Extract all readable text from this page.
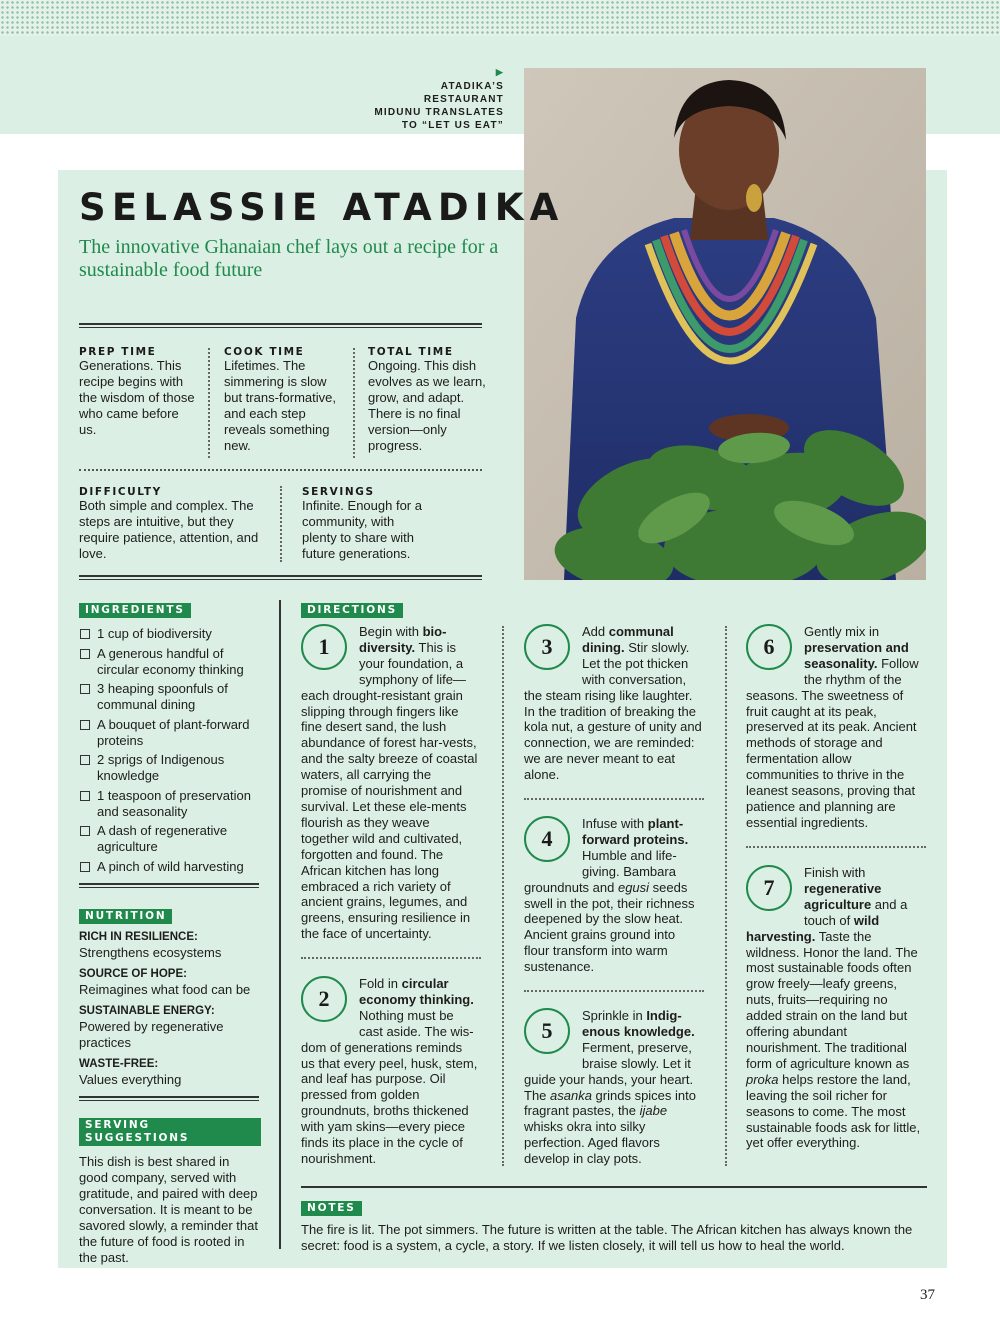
▶
ATADIKA’S
RESTAURANT
MIDUNU TRANSLATES
TO “LET US EAT”
SELASSIE ATADIKA
The innovative Ghanaian chef lays out a recipe for a sustainable food future
PREP TIME
Generations. This recipe begins with the wisdom of those who came before us.
COOK TIME
Lifetimes. The simmering is slow but trans-formative, and each step reveals something new.
TOTAL TIME
Ongoing. This dish evolves as we learn, grow, and adapt. There is no final version—only progress.
DIFFICULTY
Both simple and complex. The steps are intuitive, but they require patience, attention, and love.
SERVINGS
Infinite. Enough for a community, with plenty to share with future generations.
INGREDIENTS
1 cup of biodiversity
A generous handful of circular economy thinking
3 heaping spoonfuls of communal dining
A bouquet of plant-forward proteins
2 sprigs of Indigenous knowledge
1 teaspoon of preservation and seasonality
A dash of regenerative agriculture
A pinch of wild harvesting
NUTRITION
RICH IN RESILIENCE:
Strengthens ecosystems
SOURCE OF HOPE:
Reimagines what food can be
SUSTAINABLE ENERGY:
Powered by regenerative practices
WASTE-FREE:
Values everything
SERVING SUGGESTIONS
This dish is best shared in good company, served with gratitude, and paired with deep conversation. It is meant to be savored slowly, a reminder that the future of food is rooted in the past.
DIRECTIONS
1
Begin with bio-diversity. This is your foundation, a symphony of life—each drought-resistant grain slipping through fingers like fine desert sand, the lush abundance of forest har-vests, and the salty breeze of coastal waters, all carrying the promise of nourishment and survival. Let these ele-ments flourish as they weave together wild and cultivated, forgotten and found. The African kitchen has long embraced a rich variety of ancient grains, legumes, and greens, ensuring resilience in the face of uncertainty.
2
Fold in circular economy thinking. Nothing must be cast aside. The wis-dom of generations reminds us that every peel, husk, stem, and leaf has purpose. Oil pressed from golden groundnuts, broths thickened with yam skins—every piece finds its place in the cycle of nourishment.
3
Add communal dining. Stir slowly. Let the pot thicken with conversation, the steam rising like laughter. In the tradition of breaking the kola nut, a gesture of unity and connection, we are reminded: we are never meant to eat alone.
4
Infuse with plant-forward proteins. Humble and life-giving. Bambara groundnuts and egusi seeds swell in the pot, their richness deepened by the slow heat. Ancient grains ground into flour transform into warm sustenance.
5
Sprinkle in Indig-enous knowledge. Ferment, preserve, braise slowly. Let it guide your hands, your heart. The asanka grinds spices into fragrant pastes, the ijabe whisks okra into silky perfection. Aged flavors develop in clay pots.
6
Gently mix in preservation and seasonality. Follow the rhythm of the seasons. The sweetness of fruit caught at its peak, preserved at its peak. Ancient methods of storage and fermentation allow communities to thrive in the leanest seasons, proving that patience and planning are essential ingredients.
7
Finish with regenerative agriculture and a touch of wild harvesting. Taste the wildness. Honor the land. The most sustainable foods often grow freely—leafy greens, nuts, fruits—requiring no added strain on the land but offering abundant nourishment. The traditional form of agriculture known as proka helps restore the land, leaving the soil richer for seasons to come. The most sustainable foods ask for little, yet offer everything.
NOTES
The fire is lit. The pot simmers. The future is written at the table. The African kitchen has always known the secret: food is a system, a cycle, a story. If we listen closely, it will tell us how to heal the world.
37
